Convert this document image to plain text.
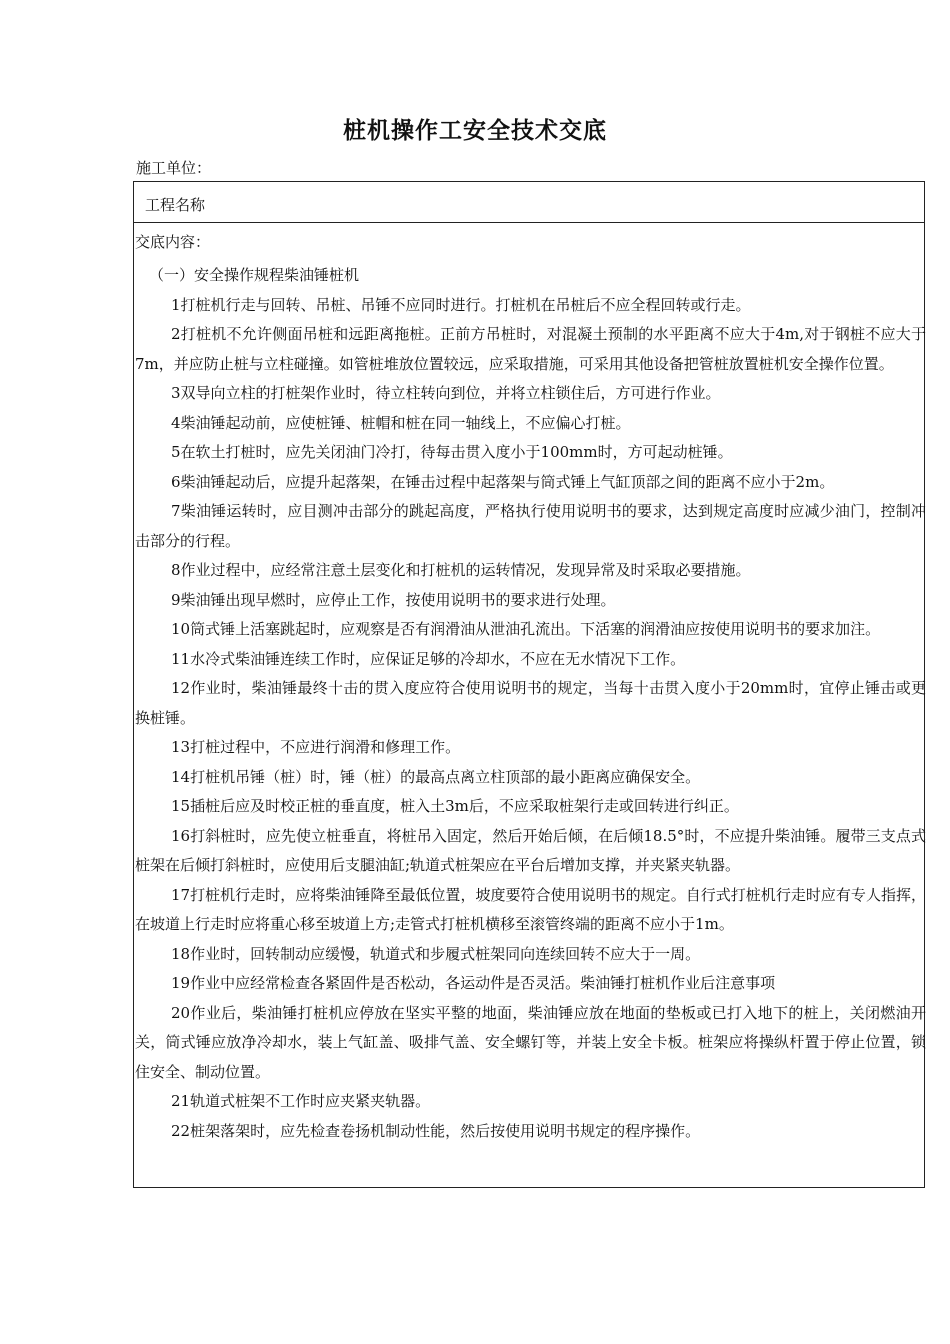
桩机操作工安全技术交底
施工单位：
工程名称
交底内容：

（一）安全操作规程柴油锤桩机

1打桩机行走与回转、吊桩、吊锤不应同时进行。打桩机在吊桩后不应全程回转或行走。

2打桩机不允许侧面吊桩和远距离拖桩。正前方吊桩时，对混凝土预制的水平距离不应大于4m,对于钢桩不应大于7m，并应防止桩与立柱碰撞。如管桩堆放位置较远，应采取措施，可采用其他设备把管桩放置桩机安全操作位置。

3双导向立柱的打桩架作业时，待立柱转向到位，并将立柱锁住后，方可进行作业。

4柴油锤起动前，应使桩锤、桩帽和桩在同一轴线上，不应偏心打桩。

5在软土打桩时，应先关闭油门冷打，待每击贯入度小于100mm时，方可起动桩锤。

6柴油锤起动后，应提升起落架，在锤击过程中起落架与筒式锤上气缸顶部之间的距离不应小于2m。

7柴油锤运转时，应目测冲击部分的跳起高度，严格执行使用说明书的要求，达到规定高度时应减少油门，控制冲击部分的行程。

8作业过程中，应经常注意土层变化和打桩机的运转情况，发现异常及时采取必要措施。

9柴油锤出现早燃时，应停止工作，按使用说明书的要求进行处理。

10筒式锤上活塞跳起时，应观察是否有润滑油从泄油孔流出。下活塞的润滑油应按使用说明书的要求加注。

11水冷式柴油锤连续工作时，应保证足够的冷却水，不应在无水情况下工作。

12作业时，柴油锤最终十击的贯入度应符合使用说明书的规定，当每十击贯入度小于20mm时，宜停止锤击或更换桩锤。

13打桩过程中，不应进行润滑和修理工作。

14打桩机吊锤（桩）时，锤（桩）的最高点离立柱顶部的最小距离应确保安全。

15插桩后应及时校正桩的垂直度，桩入土3m后，不应采取桩架行走或回转进行纠正。

16打斜桩时，应先使立桩垂直，将桩吊入固定，然后开始后倾，在后倾18.5°时，不应提升柴油锤。履带三支点式桩架在后倾打斜桩时，应使用后支腿油缸;轨道式桩架应在平台后增加支撑，并夹紧夹轨器。

17打桩机行走时，应将柴油锤降至最低位置，坡度要符合使用说明书的规定。自行式打桩机行走时应有专人指挥，在坡道上行走时应将重心移至坡道上方;走管式打桩机横移至滚管终端的距离不应小于1m。

18作业时，回转制动应缓慢，轨道式和步履式桩架同向连续回转不应大于一周。

19作业中应经常检查各紧固件是否松动，各运动件是否灵活。柴油锤打桩机作业后注意事项

20作业后，柴油锤打桩机应停放在坚实平整的地面，柴油锤应放在地面的垫板或已打入地下的桩上，关闭燃油开关，筒式锤应放净冷却水，装上气缸盖、吸排气盖、安全螺钉等，并装上安全卡板。桩架应将操纵杆置于停止位置，锁住安全、制动位置。

21轨道式桩架不工作时应夹紧夹轨器。

22桩架落架时，应先检查卷扬机制动性能，然后按使用说明书规定的程序操作。
